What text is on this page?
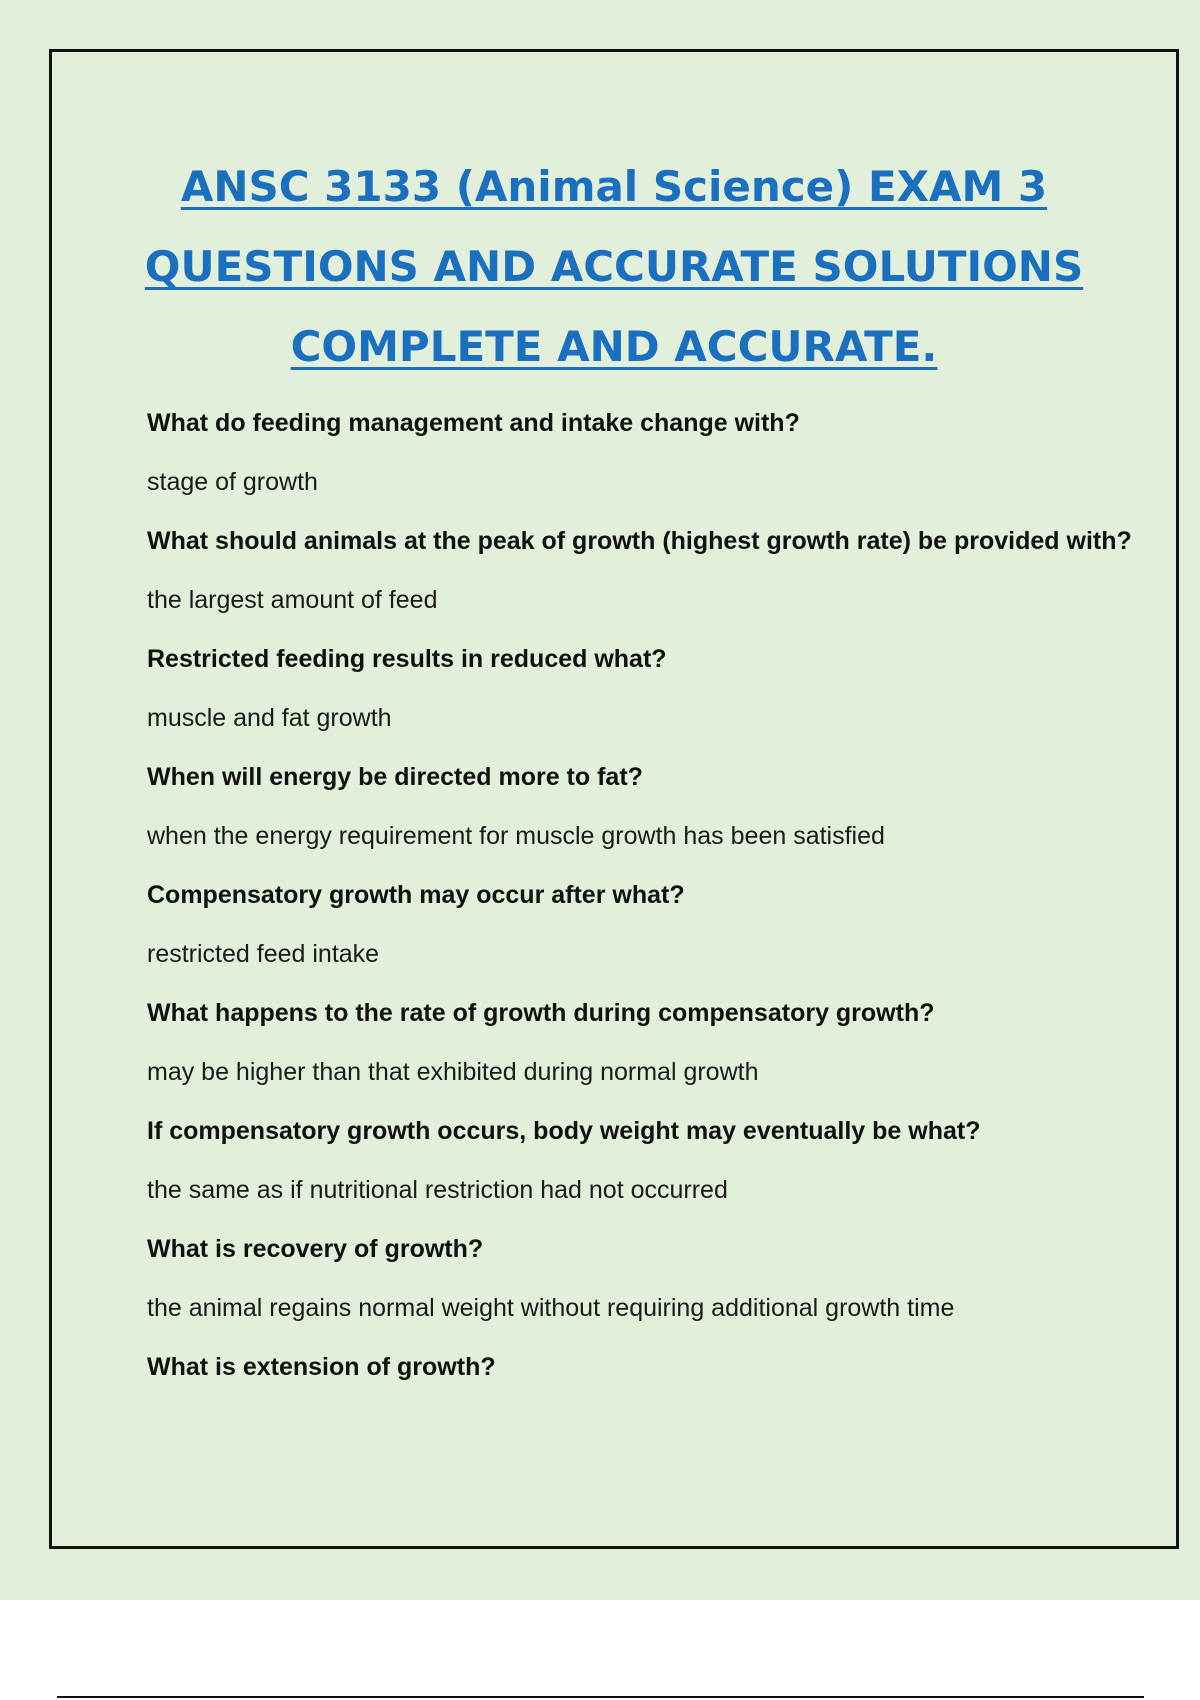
ANSC 3133 (Animal Science) EXAM 3
QUESTIONS AND ACCURATE SOLUTIONS
COMPLETE AND ACCURATE.

What do feeding management and intake change with?

stage of growth

What should animals at the peak of growth (highest growth rate) be provided with?

the largest amount of feed

Restricted feeding results in reduced what?

muscle and fat growth

When will energy be directed more to fat?

when the energy requirement for muscle growth has been satisfied

Compensatory growth may occur after what?

restricted feed intake

What happens to the rate of growth during compensatory growth?

may be higher than that exhibited during normal growth

If compensatory growth occurs, body weight may eventually be what?

the same as if nutritional restriction had not occurred

What is recovery of growth?

the animal regains normal weight without requiring additional growth time

What is extension of growth?
